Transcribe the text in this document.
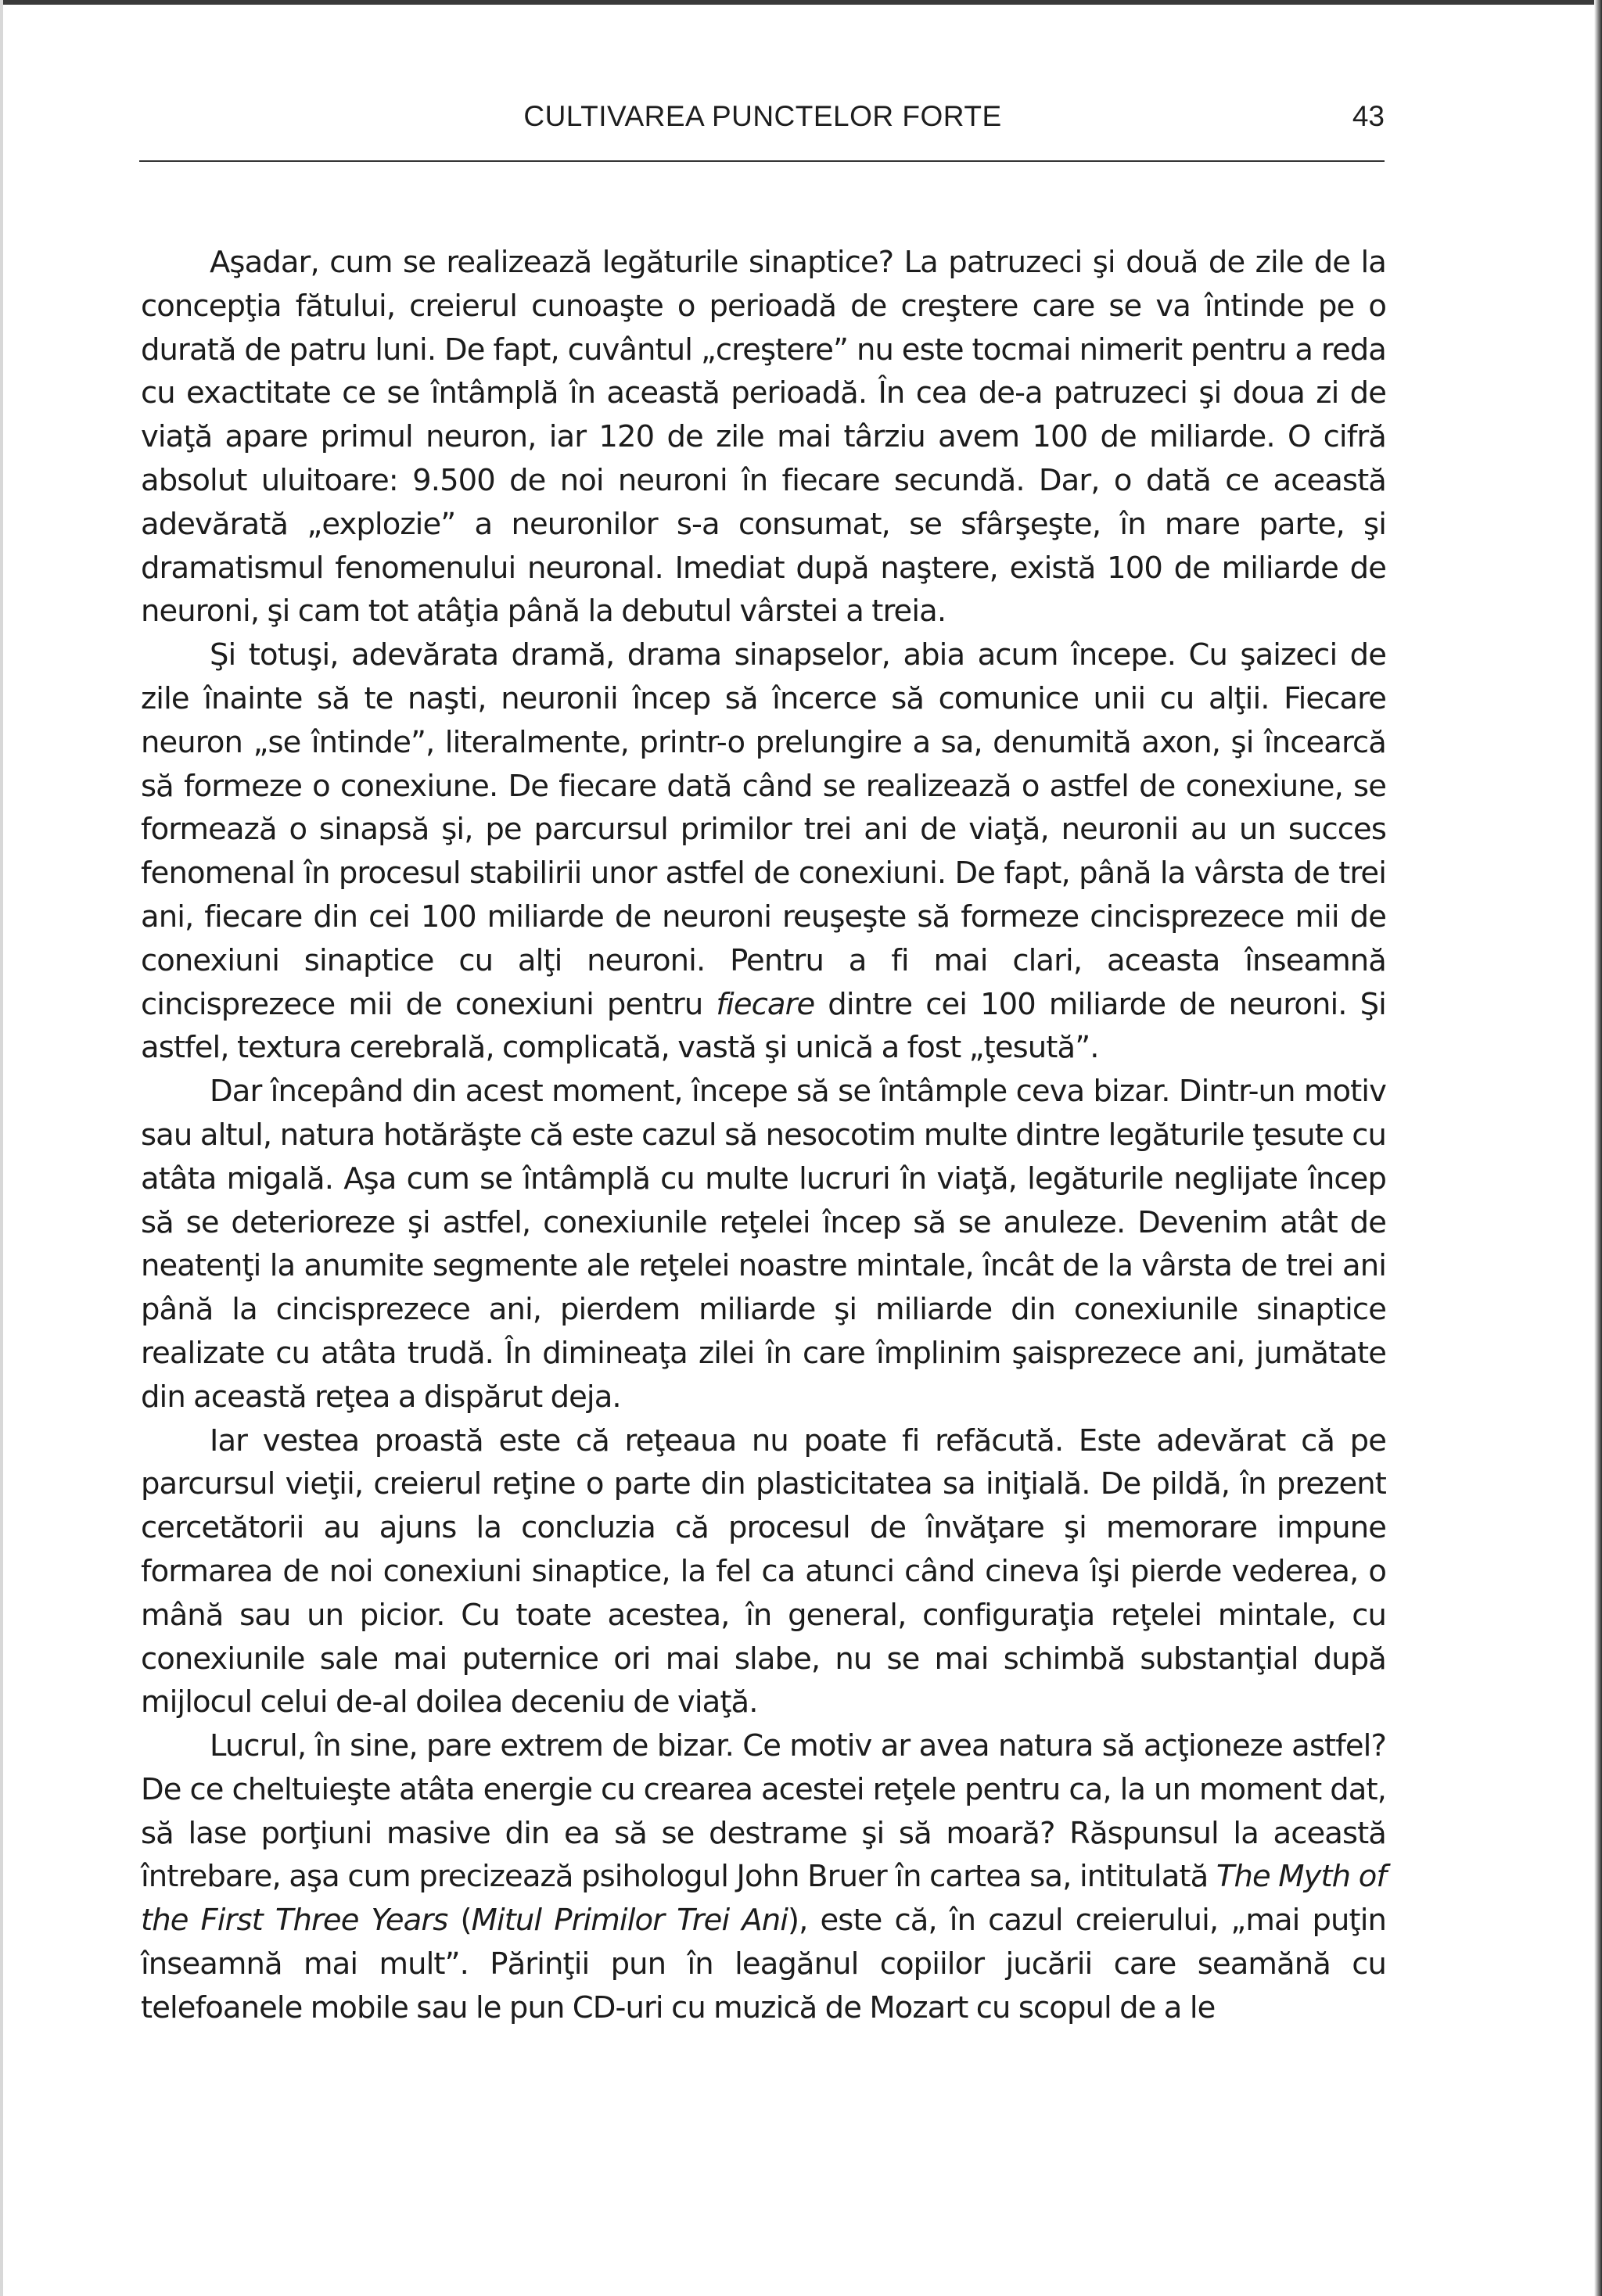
CULTIVAREA PUNCTELOR FORTE	43

Aşadar, cum se realizează legăturile sinaptice? La patruzeci şi două de zile de la concepţia fătului, creierul cunoaşte o perioadă de creştere care se va întinde pe o durată de patru luni. De fapt, cuvântul „creştere” nu este tocmai nimerit pentru a reda cu exactitate ce se întâmplă în această perioadă. În cea de-a patruzeci şi doua zi de viaţă apare primul neuron, iar 120 de zile mai târziu avem 100 de miliarde. O cifră absolut uluitoare: 9.500 de noi neuroni în fiecare secundă. Dar, o dată ce această adevărată „explozie” a neuronilor s-a consumat, se sfârşeşte, în mare parte, şi dramatismul fenomenului neuronal. Imediat după naştere, există 100 de miliarde de neuroni, şi cam tot atâţia până la debutul vârstei a treia.

Şi totuşi, adevărata dramă, drama sinapselor, abia acum începe. Cu şaizeci de zile înainte să te naşti, neuronii încep să încerce să comunice unii cu alţii. Fiecare neuron „se întinde”, literalmente, printr-o prelungire a sa, denumită axon, şi încearcă să formeze o conexiune. De fiecare dată când se realizează o astfel de conexiune, se formează o sinapsă şi, pe parcursul primilor trei ani de viaţă, neuronii au un succes fenomenal în procesul stabilirii unor astfel de conexiuni. De fapt, până la vârsta de trei ani, fiecare din cei 100 miliarde de neuroni reuşeşte să formeze cincisprezece mii de conexiuni sinaptice cu alţi neuroni. Pentru a fi mai clari, aceasta înseamnă cincisprezece mii de conexiuni pentru fiecare dintre cei 100 miliarde de neuroni. Şi astfel, textura cerebrală, complicată, vastă şi unică a fost „ţesută”.

Dar începând din acest moment, începe să se întâmple ceva bizar. Dintr-un motiv sau altul, natura hotărăşte că este cazul să nesocotim multe dintre legăturile ţesute cu atâta migală. Aşa cum se întâmplă cu multe lucruri în viaţă, legăturile neglijate încep să se deterioreze şi astfel, conexiunile reţelei încep să se anuleze. Devenim atât de neatenţi la anumite segmente ale reţelei noastre mintale, încât de la vârsta de trei ani până la cincisprezece ani, pierdem miliarde şi miliarde din conexiunile sinaptice realizate cu atâta trudă. În dimineaţa zilei în care împlinim şaisprezece ani, jumătate din această reţea a dispărut deja.

Iar vestea proastă este că reţeaua nu poate fi refăcută. Este adevărat că pe parcursul vieţii, creierul reţine o parte din plasticitatea sa iniţială. De pildă, în prezent cercetătorii au ajuns la concluzia că procesul de învăţare şi memorare impune formarea de noi conexiuni sinaptice, la fel ca atunci când cineva îşi pierde vederea, o mână sau un picior. Cu toate acestea, în general, configuraţia reţelei mintale, cu conexiunile sale mai puternice ori mai slabe, nu se mai schimbă substanţial după mijlocul celui de-al doilea deceniu de viaţă.

Lucrul, în sine, pare extrem de bizar. Ce motiv ar avea natura să acţioneze astfel? De ce cheltuieşte atâta energie cu crearea acestei reţele pentru ca, la un moment dat, să lase porţiuni masive din ea să se destrame şi să moară? Răspunsul la această întrebare, aşa cum precizează psihologul John Bruer în cartea sa, intitulată The Myth of the First Three Years (Mitul Primilor Trei Ani), este că, în cazul creierului, „mai puţin înseamnă mai mult”. Părinţii pun în leagănul copiilor jucării care seamănă cu telefoanele mobile sau le pun CD-uri cu muzică de Mozart cu scopul de a le
